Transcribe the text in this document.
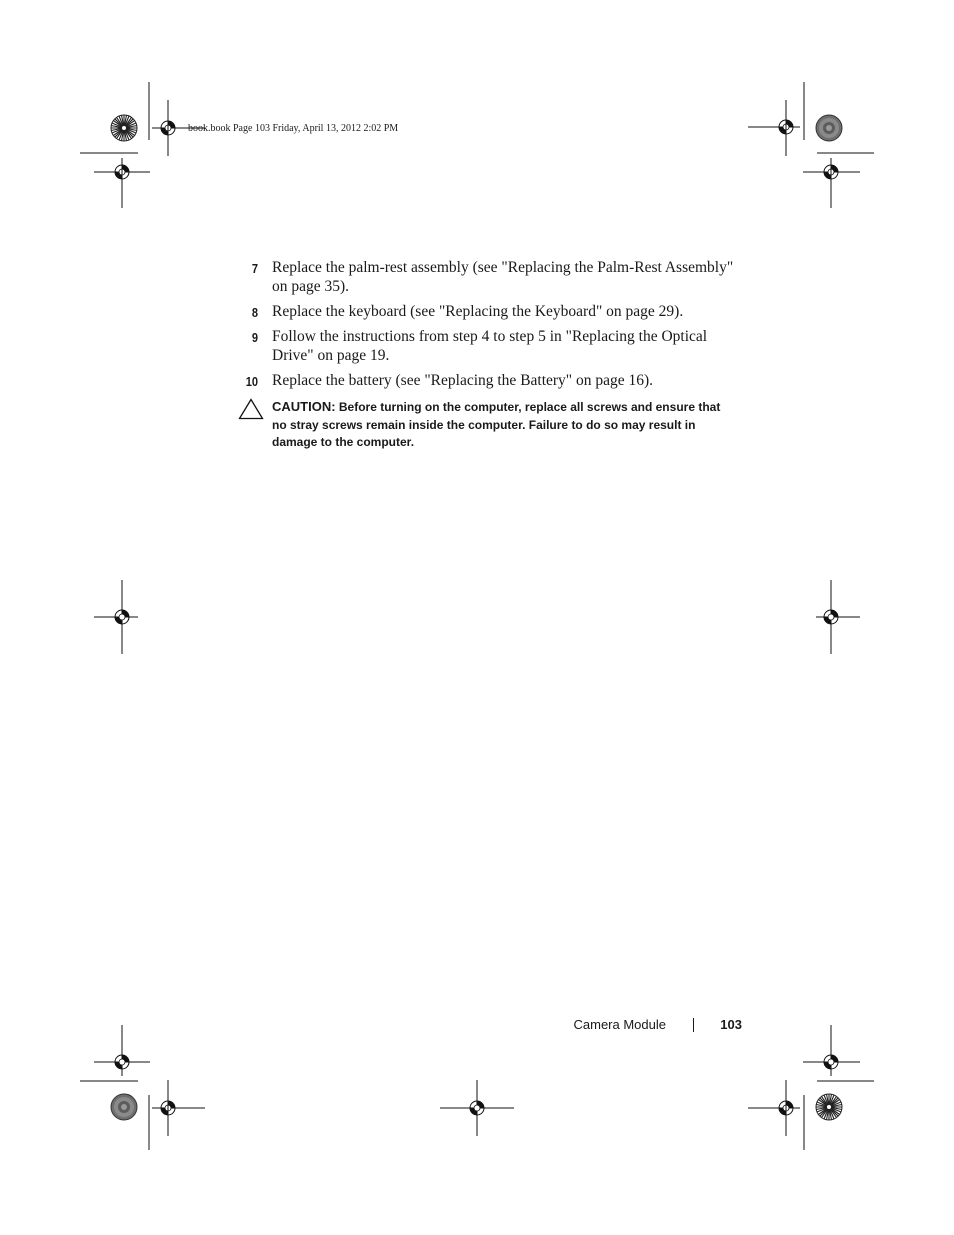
book.book Page 103 Friday, April 13, 2012 2:02 PM
7 Replace the palm-rest assembly (see "Replacing the Palm-Rest Assembly" on page 35).
8 Replace the keyboard (see "Replacing the Keyboard" on page 29).
9 Follow the instructions from step 4 to step 5 in "Replacing the Optical Drive" on page 19.
10 Replace the battery (see "Replacing the Battery" on page 16).
CAUTION: Before turning on the computer, replace all screws and ensure that no stray screws remain inside the computer. Failure to do so may result in damage to the computer.
Camera Module	103
